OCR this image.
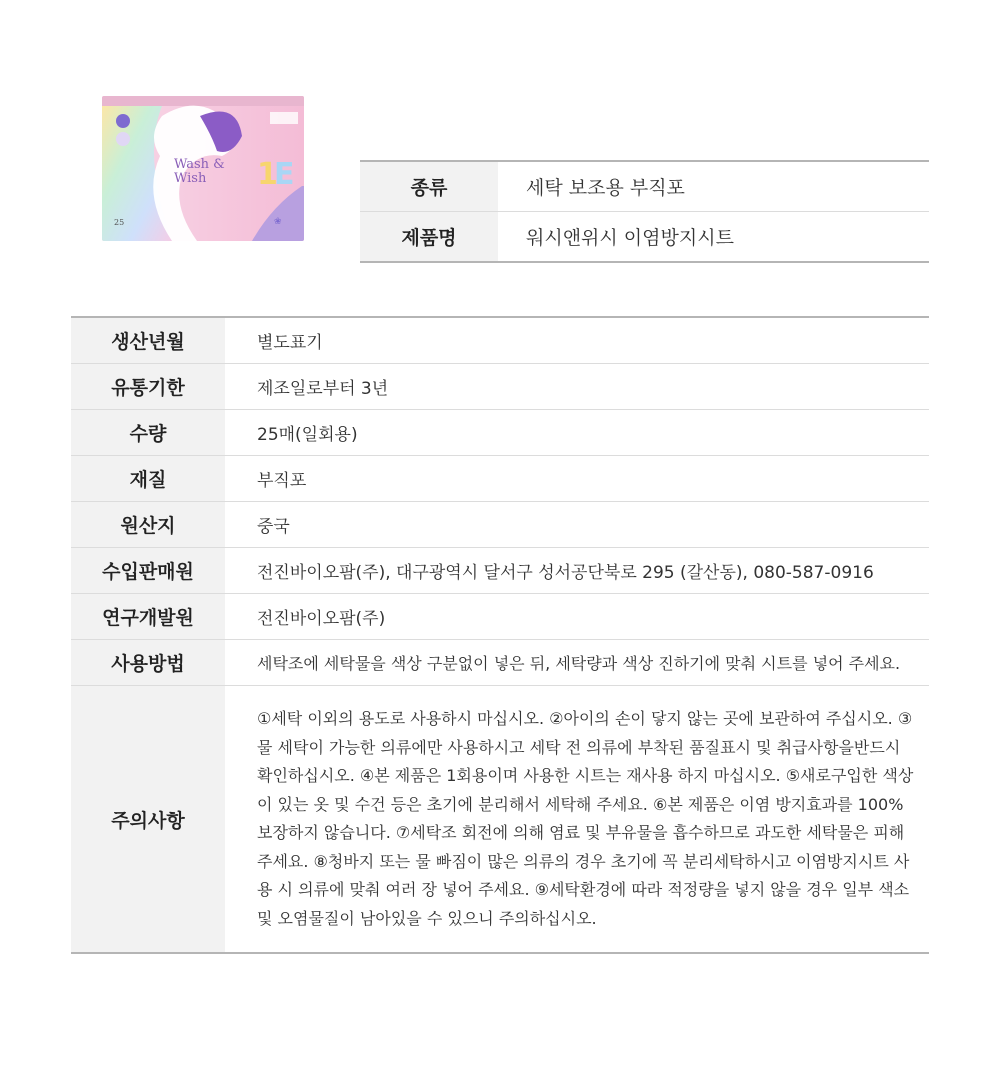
❀
1
E
Wash & Wish
25
종류	세탁 보조용 부직포
제품명	워시앤위시 이염방지시트
생산년월	별도표기
유통기한	제조일로부터 3년
수량	25매(일회용)
재질	부직포
원산지	중국
수입판매원	전진바이오팜(주), 대구광역시 달서구 성서공단북로 295 (갈산동), 080-587-0916
연구개발원	전진바이오팜(주)
사용방법	세탁조에 세탁물을 색상 구분없이 넣은 뒤, 세탁량과 색상 진하기에 맞춰 시트를 넣어 주세요.
주의사항	①세탁 이외의 용도로 사용하시 마십시오. ②아이의 손이 닿지 않는 곳에 보관하여 주십시오. ③물 세탁이 가능한 의류에만 사용하시고 세탁 전 의류에 부착된 품질표시 및 취급사항을반드시 확인하십시오. ④본 제품은 1회용이며 사용한 시트는 재사용 하지 마십시오. ⑤새로구입한 색상이 있는 옷 및 수건 등은 초기에 분리해서 세탁해 주세요. ⑥본 제품은 이염 방지효과를 100% 보장하지 않습니다. ⑦세탁조 회전에 의해 염료 및 부유물을 흡수하므로 과도한 세탁물은 피해주세요. ⑧청바지 또는 물 빠짐이 많은 의류의 경우 초기에 꼭 분리세탁하시고 이염방지시트 사용 시 의류에 맞춰 여러 장 넣어 주세요. ⑨세탁환경에 따라 적정량을 넣지 않을 경우 일부 색소 및 오염물질이 남아있을 수 있으니 주의하십시오.
